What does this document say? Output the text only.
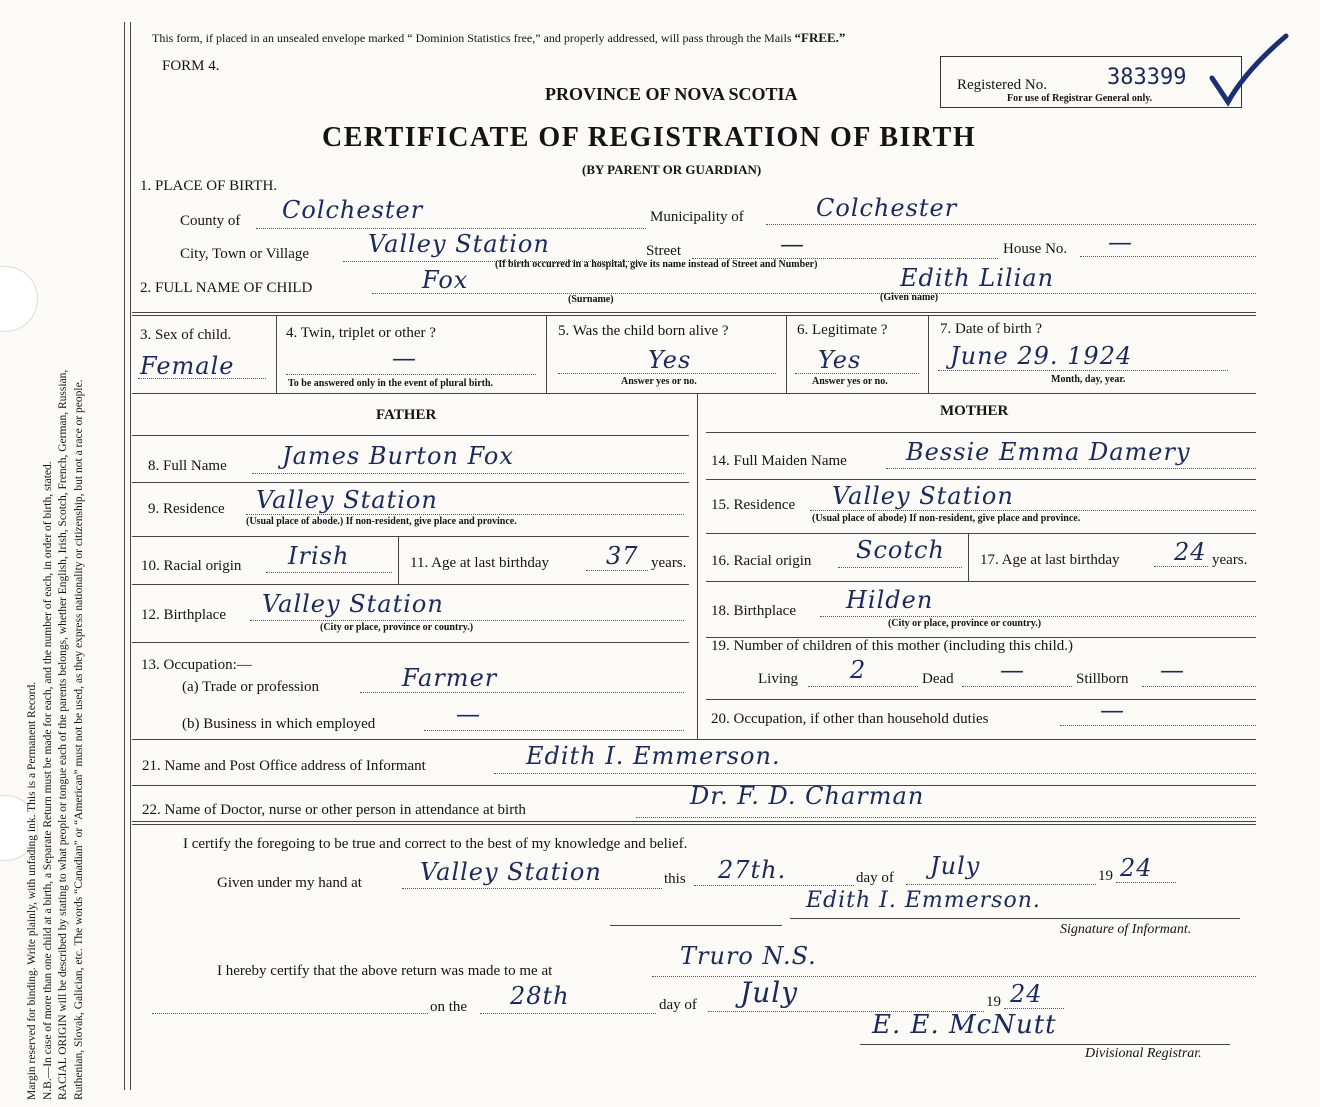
Margin reserved for binding. Write plainly, with unfading ink. This is a Permanent Record. N.B.—In case of more than one child at a birth, a Separate Return must be made for each, and the number of each, in order of birth, stated. RACIAL ORIGIN will be described by stating to what people or tongue each of the parents belongs, whether English, Irish, Scotch, French, German, Russian, Ruthenian, Slovak, Galician, etc. The words “Canadian” or “American” must not be used, as they express nationality or citizenship, but not a race or people.
This form, if placed in an unsealed envelope marked “ Dominion Statistics free,” and properly addressed, will pass through the Mails “FREE.”
FORM 4.
PROVINCE OF NOVA SCOTIA
CERTIFICATE OF REGISTRATION OF BIRTH
(BY PARENT OR GUARDIAN)
Registered No.	383399
For use of Registrar General only.
1. PLACE OF BIRTH.
County of Colchester	Municipality of	Colchester
City, Town or Village Valley Station	Street	—	House No. —
(If birth occurred in a hospital, give its name instead of Street and Number)
2. FULL NAME OF CHILD	Fox
(Surname)
Edith Lilian
(Given name)
3. Sex of child.
Female
4. Twin, triplet or other ?
—
To be answered only in the event of plural birth.
5. Was the child born alive ?
Yes
Answer yes or no.
6. Legitimate ?
Yes
Answer yes or no.
7. Date of birth ?
June 29. 1924
Month, day, year.
FATHER	MOTHER
8. Full Name James Burton Fox
9. Residence Valley Station
(Usual place of abode.) If non-resident, give place and province.
10. Racial origin Irish	11. Age at last birthday 37 years.
12. Birthplace Valley Station
(City or place, province or country.)
13. Occupation:—
(a) Trade or profession	Farmer
(b) Business in which employed	—
14. Full Maiden Name Bessie Emma Damery
15. Residence Valley Station
(Usual place of abode) If non-resident, give place and province.
16. Racial origin Scotch 17. Age at last birthday 24 years.
18. Birthplace Hilden
(City or place, province or country.)
19. Number of children of this mother (including this child.)
Living 2	Dead —	Stillborn —
20. Occupation, if other than household duties	—
21. Name and Post Office address of Informant	Edith I. Emmerson.
22. Name of Doctor, nurse or other person in attendance at birth	Dr. F. D. Charman
I certify the foregoing to be true and correct to the best of my knowledge and belief.
Given under my hand at Valley Station	this 27th.	day of July	19 24
Edith I. Emmerson.
Signature of Informant.
I hereby certify that the above return was made to me at
Truro N.S.
on the 28th	day of July	19 24
E. E. McNutt
Divisional Registrar.
